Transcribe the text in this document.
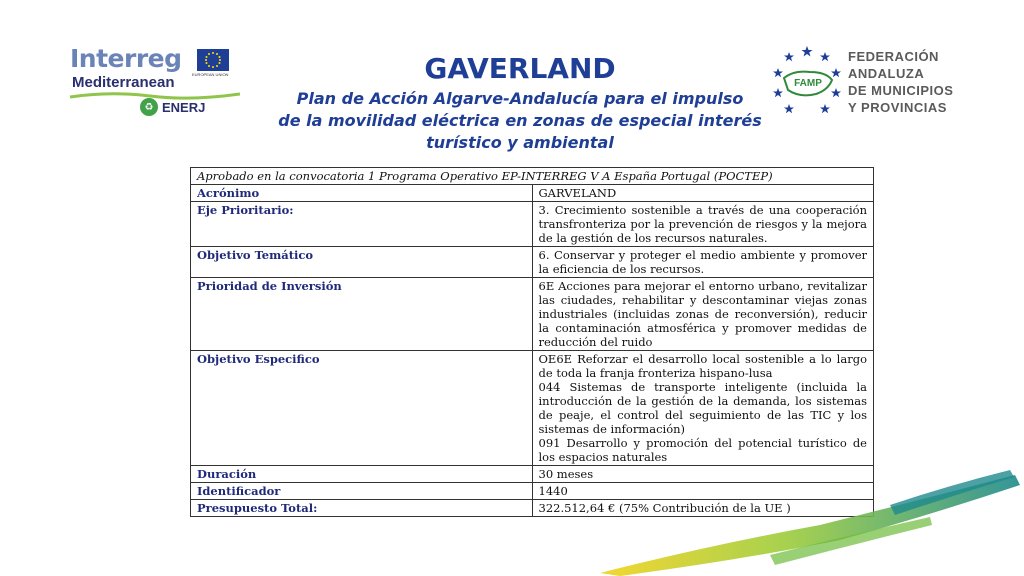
Interreg
EUROPEAN UNION
Mediterranean
♻ ENERJ
GAVERLAND
Plan de Acción Algarve-Andalucía para el impulso
de la movilidad eléctrica en zonas de especial interés
turístico y ambiental
FAMP
FEDERACIÓN
ANDALUZA
DE MUNICIPIOS
Y PROVINCIAS
Aprobado en la convocatoria 1 Programa Operativo EP-INTERREG V A España Portugal (POCTEP)	
Acrónimo	GARVELAND
Eje Prioritario:	3. Crecimiento sostenible a través de una cooperación transfronteriza por la prevención de riesgos y la mejora de la gestión de los recursos naturales.
Objetivo Temático	6. Conservar y proteger el medio ambiente y promover la eficiencia de los recursos.
Prioridad de Inversión	6E Acciones para mejorar el entorno urbano, revitalizar las ciudades, rehabilitar y descontaminar viejas zonas industriales (incluidas zonas de reconversión), reducir la contaminación atmosférica y promover medidas de reducción del ruido
Objetivo Especifico	OE6E Reforzar el desarrollo local sostenible a lo largo de toda la franja fronteriza hispano-lusa
044 Sistemas de transporte inteligente (incluida la introducción de la gestión de la demanda, los sistemas de peaje, el control del seguimiento de las TIC y los sistemas de información)
091 Desarrollo y promoción del potencial turístico de los espacios naturales
Duración	30 meses
Identificador	1440
Presupuesto Total:	322.512,64 € (75% Contribución de la UE )
